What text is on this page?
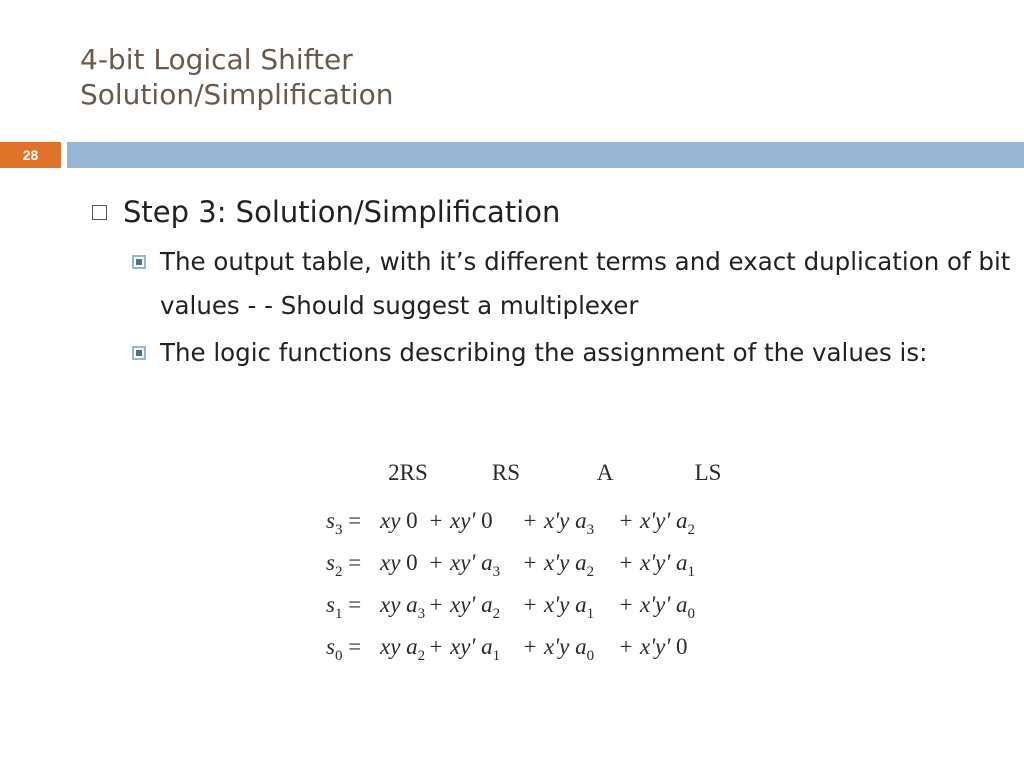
4-bit Logical Shifter
Solution/Simplification
28
Step 3: Solution/Simplification
The output table, with it’s different terms and exact duplication of bit values - - Should suggest a multiplexer
The logic functions describing the assignment of the values is:
2RS	RS	A	LS
$s_3$ = xy 0 + xy' 0 + x'y $a_3 + x'y'$ $a_2$
$s_2$ = xy 0 + xy' $a_3 + x'y$ $a_2 + x'y'$ $a_1$
$s_1$ = xy $a_3 + xy'$ $a_2 + x'y$ $a_1 + x'y'$ $a_0$
$s_0$ = xy $a_2 + xy'$ $a_1 + x'y$ $a_0 + x'y'$ 0
